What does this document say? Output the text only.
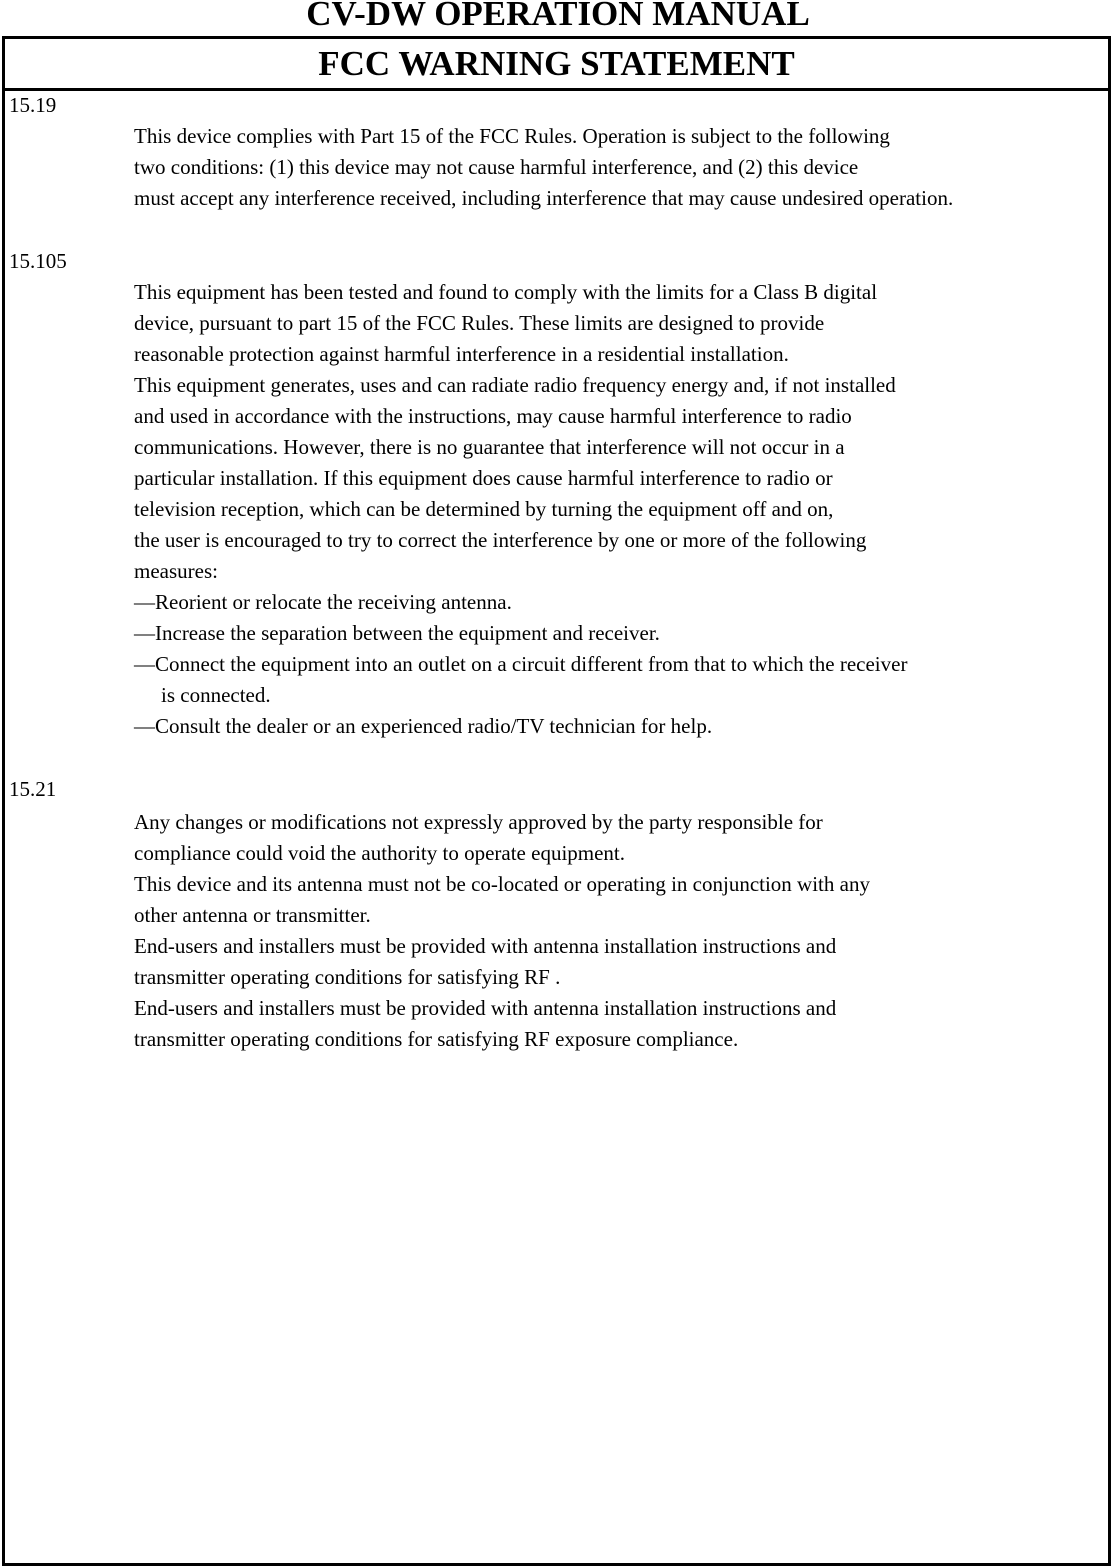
CV-DW OPERATION MANUAL
FCC WARNING STATEMENT
15.19
This device complies with Part 15 of the FCC Rules. Operation is subject to the following
two conditions: (1) this device may not cause harmful interference, and (2) this device
must accept any interference received, including interference that may cause undesired operation.
15.105
This equipment has been tested and found to comply with the limits for a Class B digital
device, pursuant to part 15 of the FCC Rules. These limits are designed to provide
reasonable protection against harmful interference in a residential installation.
This equipment generates, uses and can radiate radio frequency energy and, if not installed
and used in accordance with the instructions, may cause harmful interference to radio
communications. However, there is no guarantee that interference will not occur in a
particular installation. If this equipment does cause harmful interference to radio or
television reception, which can be determined by turning the equipment off and on,
the user is encouraged to try to correct the interference by one or more of the following
measures:
—Reorient or relocate the receiving antenna.
—Increase the separation between the equipment and receiver.
—Connect the equipment into an outlet on a circuit different from that to which the receiver
is connected.
—Consult the dealer or an experienced radio/TV technician for help.
15.21
Any changes or modifications not expressly approved by the party responsible for
compliance could void the authority to operate equipment.
This device and its antenna must not be co-located or operating in conjunction with any
other antenna or transmitter.
End-users and installers must be provided with antenna installation instructions and
transmitter operating conditions for satisfying RF .
End-users and installers must be provided with antenna installation instructions and
transmitter operating conditions for satisfying RF exposure compliance.
